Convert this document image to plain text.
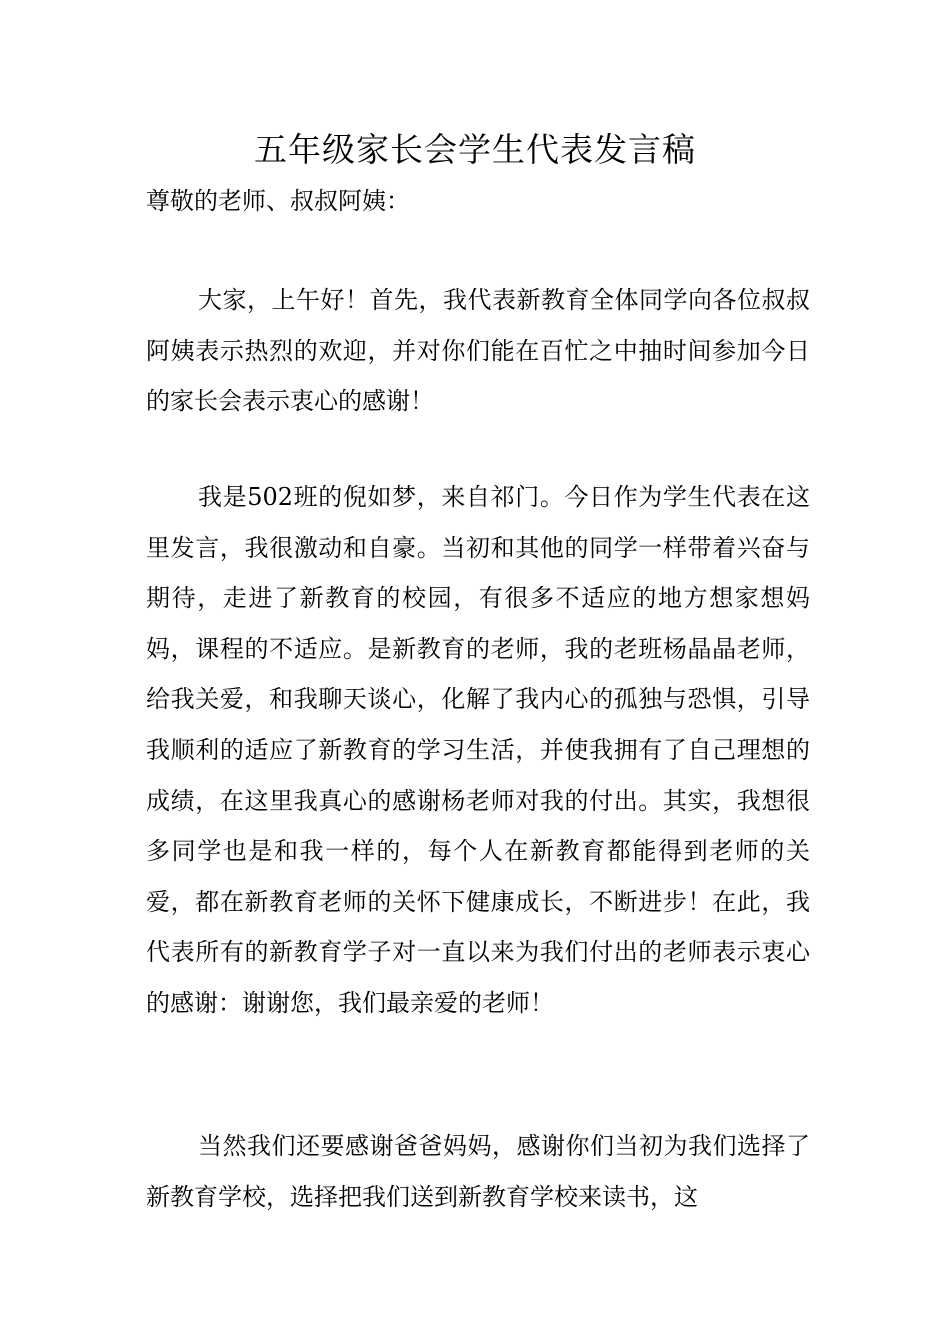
五年级家长会学生代表发言稿
尊敬的老师、叔叔阿姨：
大家，上午好！首先，我代表新教育全体同学向各位叔叔阿姨表示热烈的欢迎，并对你们能在百忙之中抽时间参加今日的家长会表示衷心的感谢！
我是502班的倪如梦，来自祁门。今日作为学生代表在这里发言，我很激动和自豪。当初和其他的同学一样带着兴奋与期待，走进了新教育的校园，有很多不适应的地方想家想妈妈，课程的不适应。是新教育的老师，我的老班杨晶晶老师，给我关爱，和我聊天谈心，化解了我内心的孤独与恐惧，引导我顺利的适应了新教育的学习生活，并使我拥有了自己理想的成绩，在这里我真心的感谢杨老师对我的付出。其实，我想很多同学也是和我一样的，每个人在新教育都能得到老师的关爱，都在新教育老师的关怀下健康成长，不断进步！在此，我代表所有的新教育学子对一直以来为我们付出的老师表示衷心的感谢：谢谢您，我们最亲爱的老师！
当然我们还要感谢爸爸妈妈，感谢你们当初为我们选择了新教育学校，选择把我们送到新教育学校来读书，这
